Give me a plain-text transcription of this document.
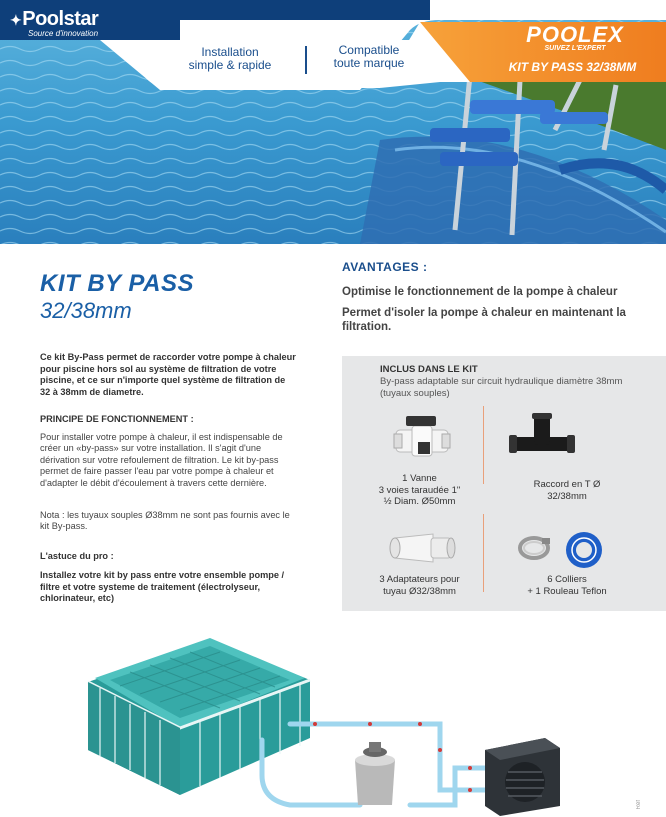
✦Poolstar
Source d'innovation
Installation
simple & rapide
Compatible
toute marque
POOLEX
SUIVEZ L'EXPERT
KIT BY PASS 32/38MM
KIT BY PASS
32/38mm

Ce kit By-Pass permet de raccorder votre pompe à chaleur pour piscine hors sol au système de filtration de votre piscine, et ce sur n'importe quel système de filtration de 32 à 38mm de diametre.

PRINCIPE DE FONCTIONNEMENT :

Pour installer votre pompe à chaleur, il est indispensable de créer un «by-pass» sur votre installation. Il s'agit d'une dérivation sur votre refoulement de filtration. Le kit by-pass permet de faire passer l'eau par votre pompe à chaleur et d'adapter le débit d'écoulement à travers cette dernière.

Nota : les tuyaux souples Ø38mm ne sont pas fournis avec le kit By-pass.

L'astuce du pro :

Installez votre kit by pass entre votre ensemble pompe / filtre et votre systeme de traitement (électrolyseur, chlorinateur, etc)

AVANTAGES :
Optimise le fonctionnement de la pompe à chaleur
Permet d'isoler la pompe à chaleur en maintenant la filtration.
INCLUS DANS LE KIT
By-pass adaptable sur circuit hydraulique diamètre 38mm (tuyaux souples)
1 Vanne
3 voies taraudée 1"
½ Diam. Ø50mm
Raccord en T Ø
32/38mm
3 Adaptateurs pour
tuyau Ø32/38mm
6 Colliers
+ 1 Rouleau Teflon
Réf
